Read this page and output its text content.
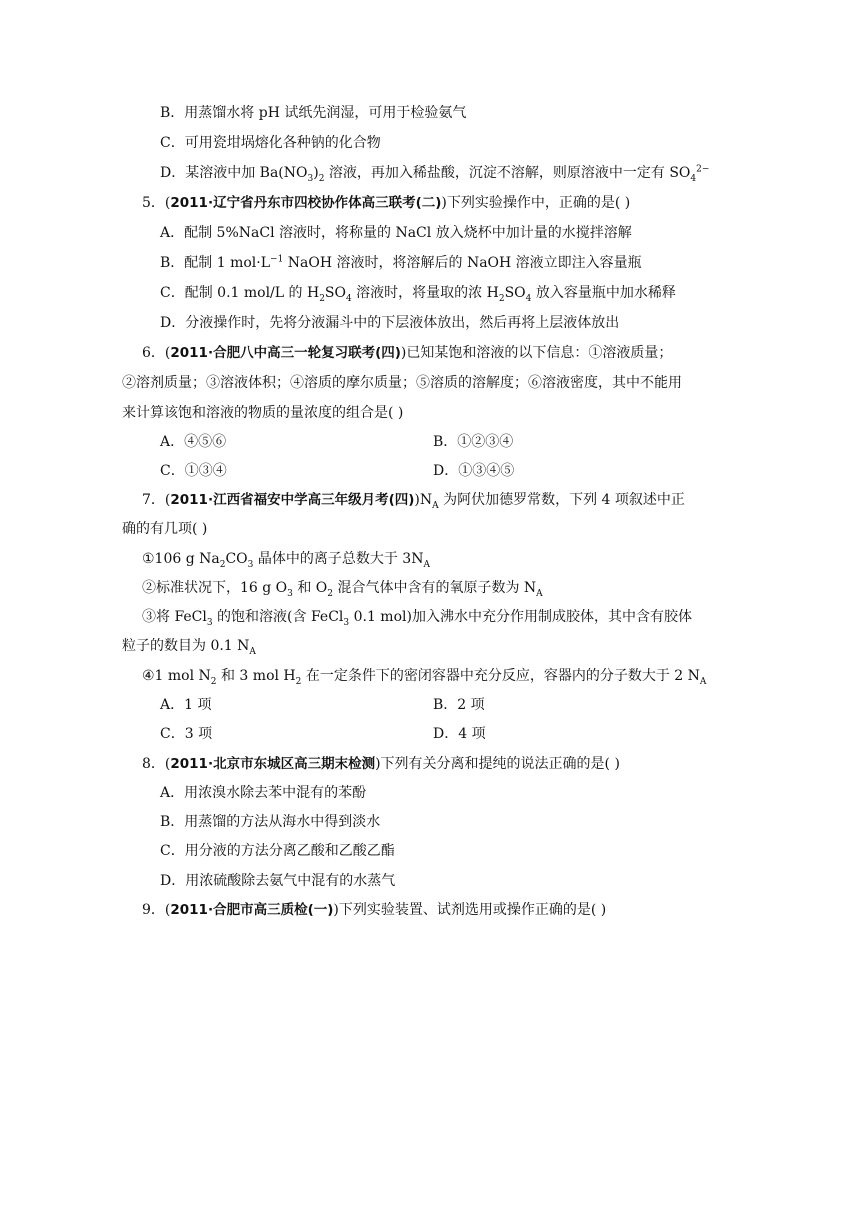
B．用蒸馏水将 pH 试纸先润湿，可用于检验氨气
C．可用瓷坩埚熔化各种钠的化合物
D．某溶液中加 $Ba(NO_3)_2$ 溶液，再加入稀盐酸，沉淀不溶解，则原溶液中一定有 $SO_4^{2-}$
5．(2011·辽宁省丹东市四校协作体高三联考(二))下列实验操作中，正确的是( )
A．配制 5%NaCl 溶液时，将称量的 NaCl 放入烧杯中加计量的水搅拌溶解
B．配制 1 $mol\cdot L^{-1}$ NaOH 溶液时，将溶解后的 NaOH 溶液立即注入容量瓶
C．配制 0.1 mol/L 的 $H_2SO_4$ 溶液时，将量取的浓 $H_2SO_4$ 放入容量瓶中加水稀释
D．分液操作时，先将分液漏斗中的下层液体放出，然后再将上层液体放出
6．(2011·合肥八中高三一轮复习联考(四))已知某饱和溶液的以下信息：①溶液质量；
②溶剂质量；③溶液体积；④溶质的摩尔质量；⑤溶质的溶解度；⑥溶液密度，其中不能用
来计算该饱和溶液的物质的量浓度的组合是( )
A．④⑤⑥	B．①②③④
C．①③④	D．①③④⑤
7．(2011·江西省福安中学高三年级月考(四))$N_A$ 为阿伏加德罗常数，下列 4 项叙述中正
确的有几项( )
①106 g $Na_2CO_3$ 晶体中的离子总数大于 $3N_A$
②标准状况下，16 g $O_3$ 和 $O_2$ 混合气体中含有的氧原子数为 $N_A$
③将 FeCl$_3$ 的饱和溶液(含 FeCl$_3$ 0.1 mol)加入沸水中充分作用制成胶体，其中含有胶体
粒子的数目为 0.1 $N_A$
④1 mol $N_2$ 和 3 mol $H_2$ 在一定条件下的密闭容器中充分反应，容器内的分子数大于 2 $N_A$
A．1 项	B．2 项
C．3 项	D．4 项
8．(2011·北京市东城区高三期末检测)下列有关分离和提纯的说法正确的是( )
A．用浓溴水除去苯中混有的苯酚
B．用蒸馏的方法从海水中得到淡水
C．用分液的方法分离乙酸和乙酸乙酯
D．用浓硫酸除去氨气中混有的水蒸气
9．(2011·合肥市高三质检(一))下列实验装置、试剂选用或操作正确的是( )
